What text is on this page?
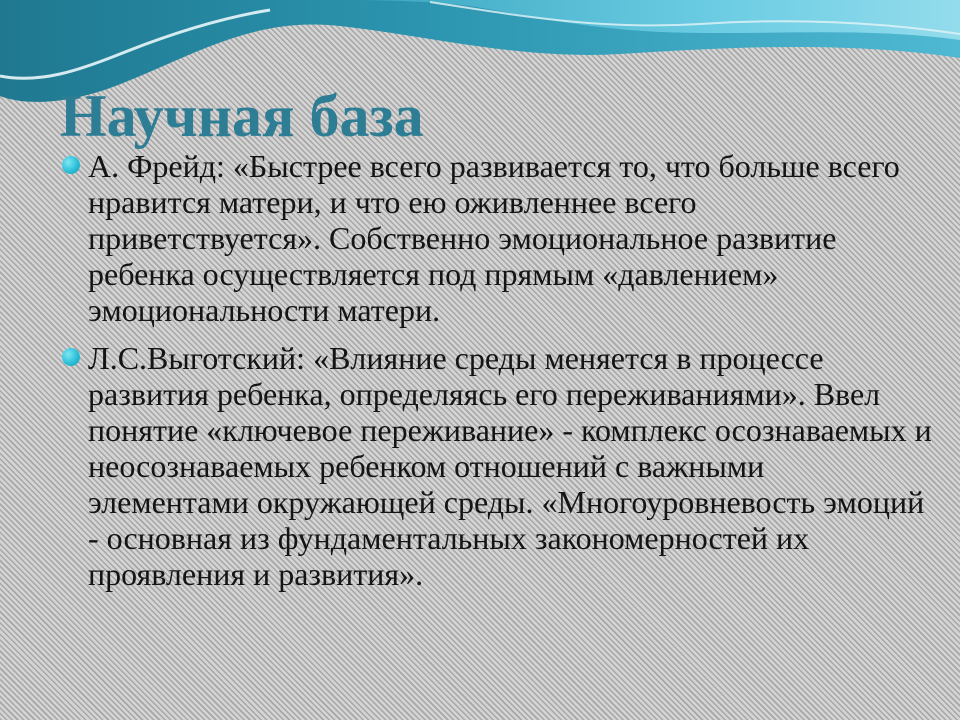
Научная база
А. Фрейд: «Быстрее всего развивается то, что больше всего нравится матери, и что ею оживленнее всего приветствуется». Собственно эмоциональное развитие ребенка осуществляется под прямым «давлением» эмоциональности матери.
Л.С.Выготский: «Влияние среды меняется в процессе развития ребенка, определяясь его переживаниями». Ввел понятие «ключевое переживание» - комплекс осознаваемых и неосознаваемых ребенком отношений с важными элементами окружающей среды. «Многоуровневость эмоций - основная из фундаментальных закономерностей их проявления и развития».
